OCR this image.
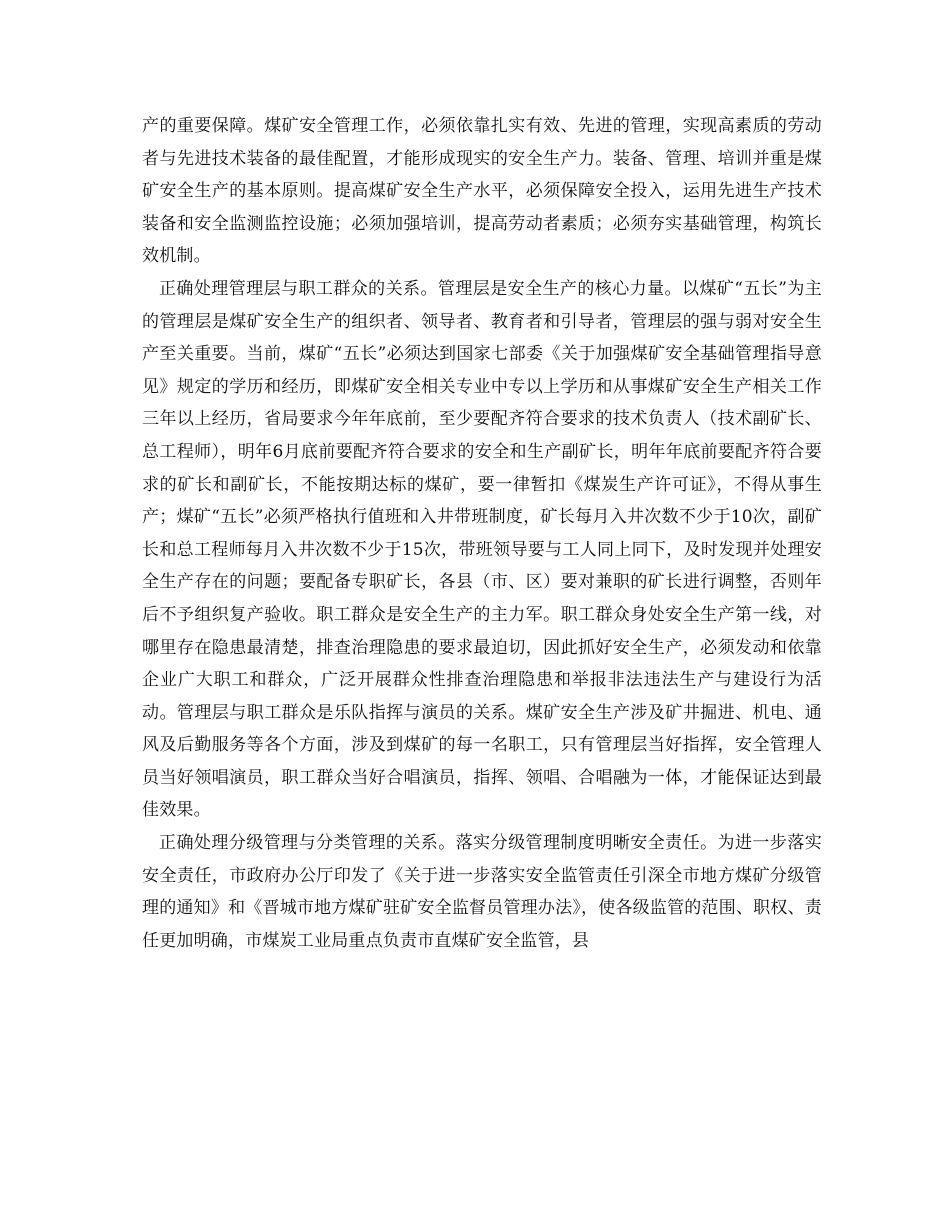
产的重要保障。煤矿安全管理工作，必须依靠扎实有效、先进的管理，实现高素质的劳动者与先进技术装备的最佳配置，才能形成现实的安全生产力。装备、管理、培训并重是煤矿安全生产的基本原则。提高煤矿安全生产水平，必须保障安全投入，运用先进生产技术装备和安全监测监控设施；必须加强培训，提高劳动者素质；必须夯实基础管理，构筑长效机制。

正确处理管理层与职工群众的关系。管理层是安全生产的核心力量。以煤矿“五长”为主的管理层是煤矿安全生产的组织者、领导者、教育者和引导者，管理层的强与弱对安全生产至关重要。当前，煤矿“五长”必须达到国家七部委《关于加强煤矿安全基础管理指导意见》规定的学历和经历，即煤矿安全相关专业中专以上学历和从事煤矿安全生产相关工作三年以上经历，省局要求今年年底前，至少要配齐符合要求的技术负责人（技术副矿长、总工程师），明年6月底前要配齐符合要求的安全和生产副矿长，明年年底前要配齐符合要求的矿长和副矿长，不能按期达标的煤矿，要一律暂扣《煤炭生产许可证》，不得从事生产；煤矿“五长”必须严格执行值班和入井带班制度，矿长每月入井次数不少于10次，副矿长和总工程师每月入井次数不少于15次，带班领导要与工人同上同下，及时发现并处理安全生产存在的问题；要配备专职矿长，各县（市、区）要对兼职的矿长进行调整，否则年后不予组织复产验收。职工群众是安全生产的主力军。职工群众身处安全生产第一线，对哪里存在隐患最清楚，排查治理隐患的要求最迫切，因此抓好安全生产，必须发动和依靠企业广大职工和群众，广泛开展群众性排查治理隐患和举报非法违法生产与建设行为活动。管理层与职工群众是乐队指挥与演员的关系。煤矿安全生产涉及矿井掘进、机电、通风及后勤服务等各个方面，涉及到煤矿的每一名职工，只有管理层当好指挥，安全管理人员当好领唱演员，职工群众当好合唱演员，指挥、领唱、合唱融为一体，才能保证达到最佳效果。

正确处理分级管理与分类管理的关系。落实分级管理制度明晰安全责任。为进一步落实安全责任，市政府办公厅印发了《关于进一步落实安全监管责任引深全市地方煤矿分级管理的通知》和《晋城市地方煤矿驻矿安全监督员管理办法》，使各级监管的范围、职权、责任更加明确，市煤炭工业局重点负责市直煤矿安全监管，县
